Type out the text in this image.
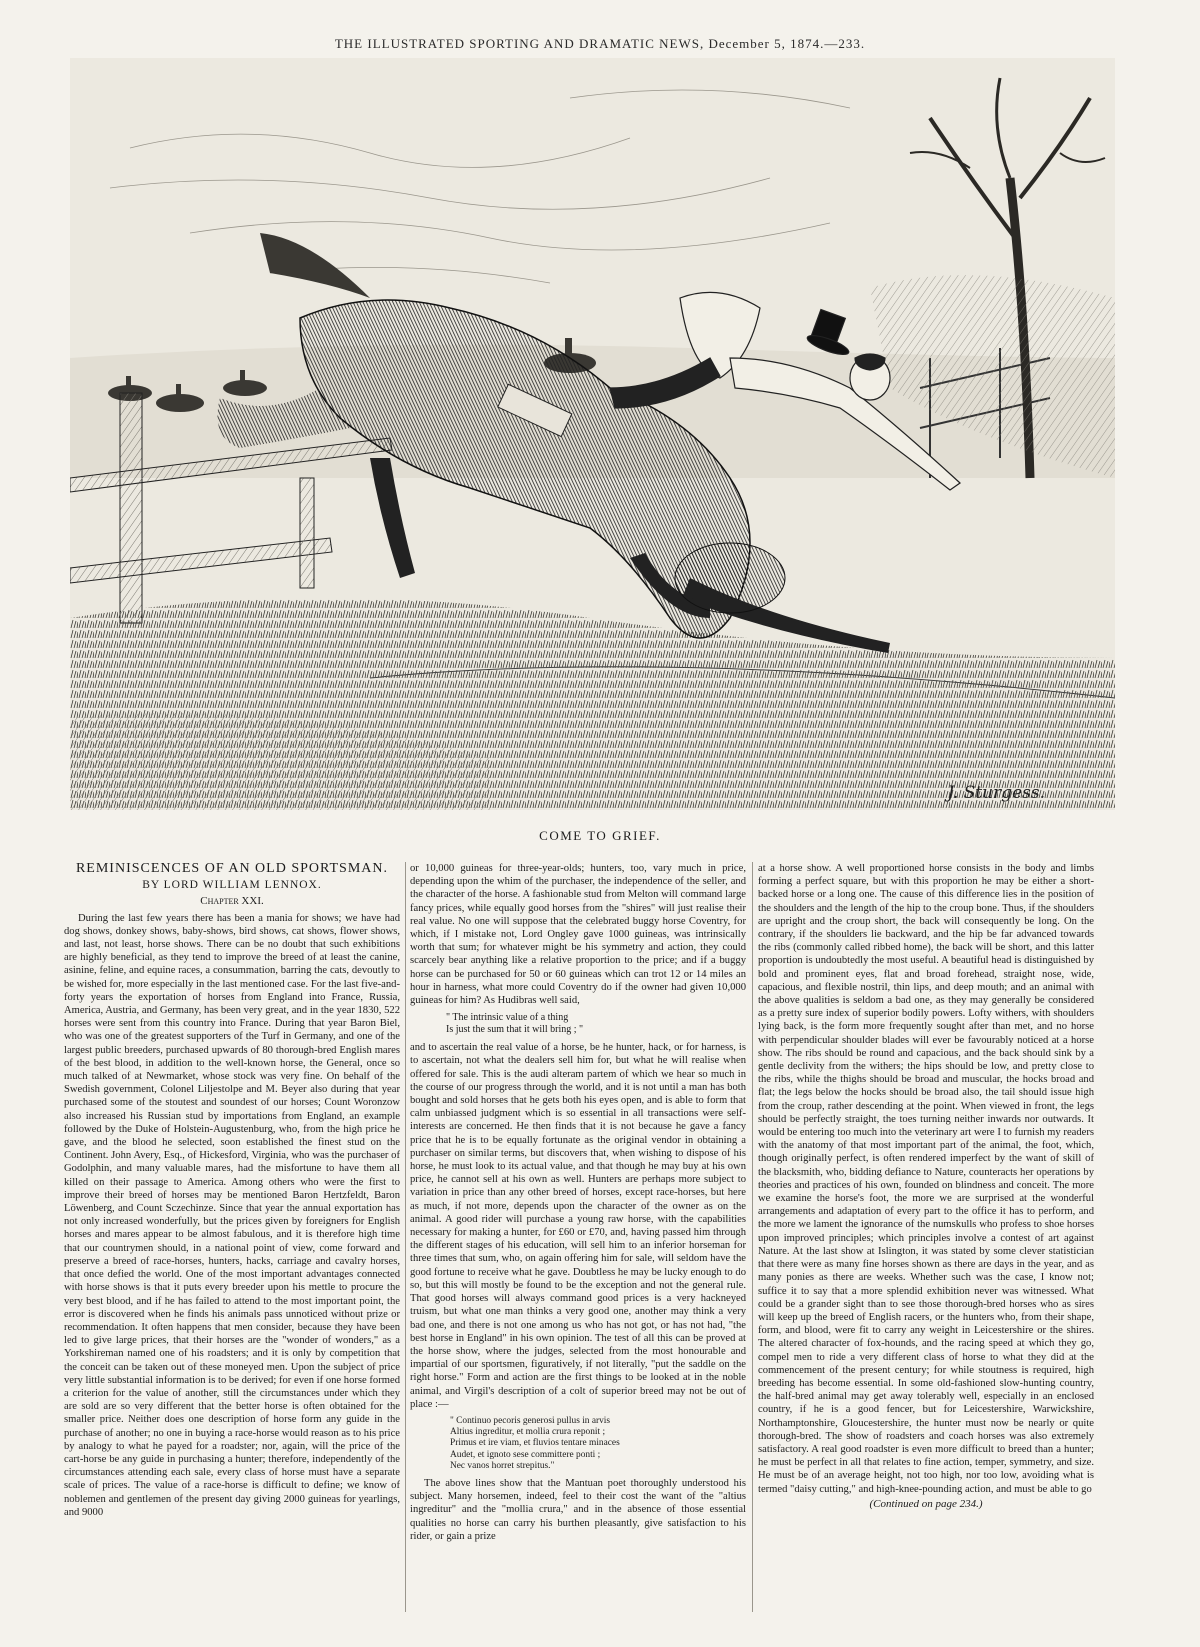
THE ILLUSTRATED SPORTING AND DRAMATIC NEWS, December 5, 1874.—233.
J. Sturgess.
COME TO GRIEF.
REMINISCENCES OF AN OLD SPORTSMAN.
BY LORD WILLIAM LENNOX.
Chapter XXI.

During the last few years there has been a mania for shows; we have had dog shows, donkey shows, baby-shows, bird shows, cat shows, flower shows, and last, not least, horse shows. There can be no doubt that such exhibitions are highly beneficial, as they tend to improve the breed of at least the canine, asinine, feline, and equine races, a consummation, barring the cats, devoutly to be wished for, more especially in the last mentioned case. For the last five-and-forty years the exportation of horses from England into France, Russia, America, Austria, and Germany, has been very great, and in the year 1830, 522 horses were sent from this country into France. During that year Baron Biel, who was one of the greatest supporters of the Turf in Germany, and one of the largest public breeders, purchased upwards of 80 thorough-bred English mares of the best blood, in addition to the well-known horse, the General, once so much talked of at Newmarket, whose stock was very fine. On behalf of the Swedish government, Colonel Liljestolpe and M. Beyer also during that year purchased some of the stoutest and soundest of our horses; Count Woronzow also increased his Russian stud by importations from England, an example followed by the Duke of Holstein-Augustenburg, who, from the high price he gave, and the blood he selected, soon established the finest stud on the Continent. John Avery, Esq., of Hickesford, Virginia, who was the purchaser of Godolphin, and many valuable mares, had the misfortune to have them all killed on their passage to America. Among others who were the first to improve their breed of horses may be mentioned Baron Hertzfeldt, Baron Löwenberg, and Count Sczechinze. Since that year the annual exportation has not only increased wonderfully, but the prices given by foreigners for English horses and mares appear to be almost fabulous, and it is therefore high time that our countrymen should, in a national point of view, come forward and preserve a breed of race-horses, hunters, hacks, carriage and cavalry horses, that once defied the world. One of the most important advantages connected with horse shows is that it puts every breeder upon his mettle to procure the very best blood, and if he has failed to attend to the most important point, the error is discovered when he finds his animals pass unnoticed without prize or recommendation. It often happens that men consider, because they have been led to give large prices, that their horses are the "wonder of wonders," as a Yorkshireman named one of his roadsters; and it is only by competition that the conceit can be taken out of these moneyed men. Upon the subject of price very little substantial information is to be derived; for even if one horse formed a criterion for the value of another, still the circumstances under which they are sold are so very different that the better horse is often obtained for the smaller price. Neither does one description of horse form any guide in the purchase of another; no one in buying a race-horse would reason as to his price by analogy to what he payed for a roadster; nor, again, will the price of the cart-horse be any guide in purchasing a hunter; therefore, independently of the circumstances attending each sale, every class of horse must have a separate scale of prices. The value of a race-horse is difficult to define; we know of noblemen and gentlemen of the present day giving 2000 guineas for yearlings, and 9000

or 10,000 guineas for three-year-olds; hunters, too, vary much in price, depending upon the whim of the purchaser, the independence of the seller, and the character of the horse. A fashionable stud from Melton will command large fancy prices, while equally good horses from the "shires" will just realise their real value. No one will suppose that the celebrated buggy horse Coventry, for which, if I mistake not, Lord Ongley gave 1000 guineas, was intrinsically worth that sum; for whatever might be his symmetry and action, they could scarcely bear anything like a relative proportion to the price; and if a buggy horse can be purchased for 50 or 60 guineas which can trot 12 or 14 miles an hour in harness, what more could Coventry do if the owner had given 10,000 guineas for him? As Hudibras well said,

" The intrinsic value of a thing
Is just the sum that it will bring ; "

and to ascertain the real value of a horse, be he hunter, hack, or for harness, is to ascertain, not what the dealers sell him for, but what he will realise when offered for sale. This is the audi alteram partem of which we hear so much in the course of our progress through the world, and it is not until a man has both bought and sold horses that he gets both his eyes open, and is able to form that calm unbiassed judgment which is so essential in all transactions were self-interests are concerned. He then finds that it is not because he gave a fancy price that he is to be equally fortunate as the original vendor in obtaining a purchaser on similar terms, but discovers that, when wishing to dispose of his horse, he must look to its actual value, and that though he may buy at his own price, he cannot sell at his own as well. Hunters are perhaps more subject to variation in price than any other breed of horses, except race-horses, but here as much, if not more, depends upon the character of the owner as on the animal. A good rider will purchase a young raw horse, with the capabilities necessary for making a hunter, for £60 or £70, and, having passed him through the different stages of his education, will sell him to an inferior horseman for three times that sum, who, on again offering him for sale, will seldom have the good fortune to receive what he gave. Doubtless he may be lucky enough to do so, but this will mostly be found to be the exception and not the general rule. That good horses will always command good prices is a very hackneyed truism, but what one man thinks a very good one, another may think a very bad one, and there is not one among us who has not got, or has not had, "the best horse in England" in his own opinion. The test of all this can be proved at the horse show, where the judges, selected from the most honourable and impartial of our sportsmen, figuratively, if not literally, "put the saddle on the right horse." Form and action are the first things to be looked at in the noble animal, and Virgil's description of a colt of superior breed may not be out of place :—

" Continuo pecoris generosi pullus in arvis
Altius ingreditur, et mollia crura reponit ;
Primus et ire viam, et fluvios tentare minaces
Audet, et ignoto sese committere ponti ;
Nec vanos horret strepitus."

The above lines show that the Mantuan poet thoroughly understood his subject. Many horsemen, indeed, feel to their cost the want of the "altius ingreditur" and the "mollia crura," and in the absence of those essential qualities no horse can carry his burthen pleasantly, give satisfaction to his rider, or gain a prize

at a horse show. A well proportioned horse consists in the body and limbs forming a perfect square, but with this proportion he may be either a short-backed horse or a long one. The cause of this difference lies in the position of the shoulders and the length of the hip to the croup bone. Thus, if the shoulders are upright and the croup short, the back will consequently be long. On the contrary, if the shoulders lie backward, and the hip be far advanced towards the ribs (commonly called ribbed home), the back will be short, and this latter proportion is undoubtedly the most useful. A beautiful head is distinguished by bold and prominent eyes, flat and broad forehead, straight nose, wide, capacious, and flexible nostril, thin lips, and deep mouth; and an animal with the above qualities is seldom a bad one, as they may generally be considered as a pretty sure index of superior bodily powers. Lofty withers, with shoulders lying back, is the form more frequently sought after than met, and no horse with perpendicular shoulder blades will ever be favourably noticed at a horse show. The ribs should be round and capacious, and the back should sink by a gentle declivity from the withers; the hips should be low, and pretty close to the ribs, while the thighs should be broad and muscular, the hocks broad and flat; the legs below the hocks should be broad also, the tail should issue high from the croup, rather descending at the point. When viewed in front, the legs should be perfectly straight, the toes turning neither inwards nor outwards. It would be entering too much into the veterinary art were I to furnish my readers with the anatomy of that most important part of the animal, the foot, which, though originally perfect, is often rendered imperfect by the want of skill of the blacksmith, who, bidding defiance to Nature, counteracts her operations by theories and practices of his own, founded on blindness and conceit. The more we examine the horse's foot, the more we are surprised at the wonderful arrangements and adaptation of every part to the office it has to perform, and the more we lament the ignorance of the numskulls who profess to shoe horses upon improved principles; which principles involve a contest of art against Nature. At the last show at Islington, it was stated by some clever statistician that there were as many fine horses shown as there are days in the year, and as many ponies as there are weeks. Whether such was the case, I know not; suffice it to say that a more splendid exhibition never was witnessed. What could be a grander sight than to see those thorough-bred horses who as sires will keep up the breed of English racers, or the hunters who, from their shape, form, and blood, were fit to carry any weight in Leicestershire or the shires. The altered character of fox-hounds, and the racing speed at which they go, compel men to ride a very different class of horse to what they did at the commencement of the present century; for while stoutness is required, high breeding has become essential. In some old-fashioned slow-hunting country, the half-bred animal may get away tolerably well, especially in an enclosed country, if he is a good fencer, but for Leicestershire, Warwickshire, Northamptonshire, Gloucestershire, the hunter must now be nearly or quite thorough-bred. The show of roadsters and coach horses was also extremely satisfactory. A real good roadster is even more difficult to breed than a hunter; he must be perfect in all that relates to fine action, temper, symmetry, and size. He must be of an average height, not too high, nor too low, avoiding what is termed "daisy cutting," and high-knee-pounding action, and must be able to go

(Continued on page 234.)
